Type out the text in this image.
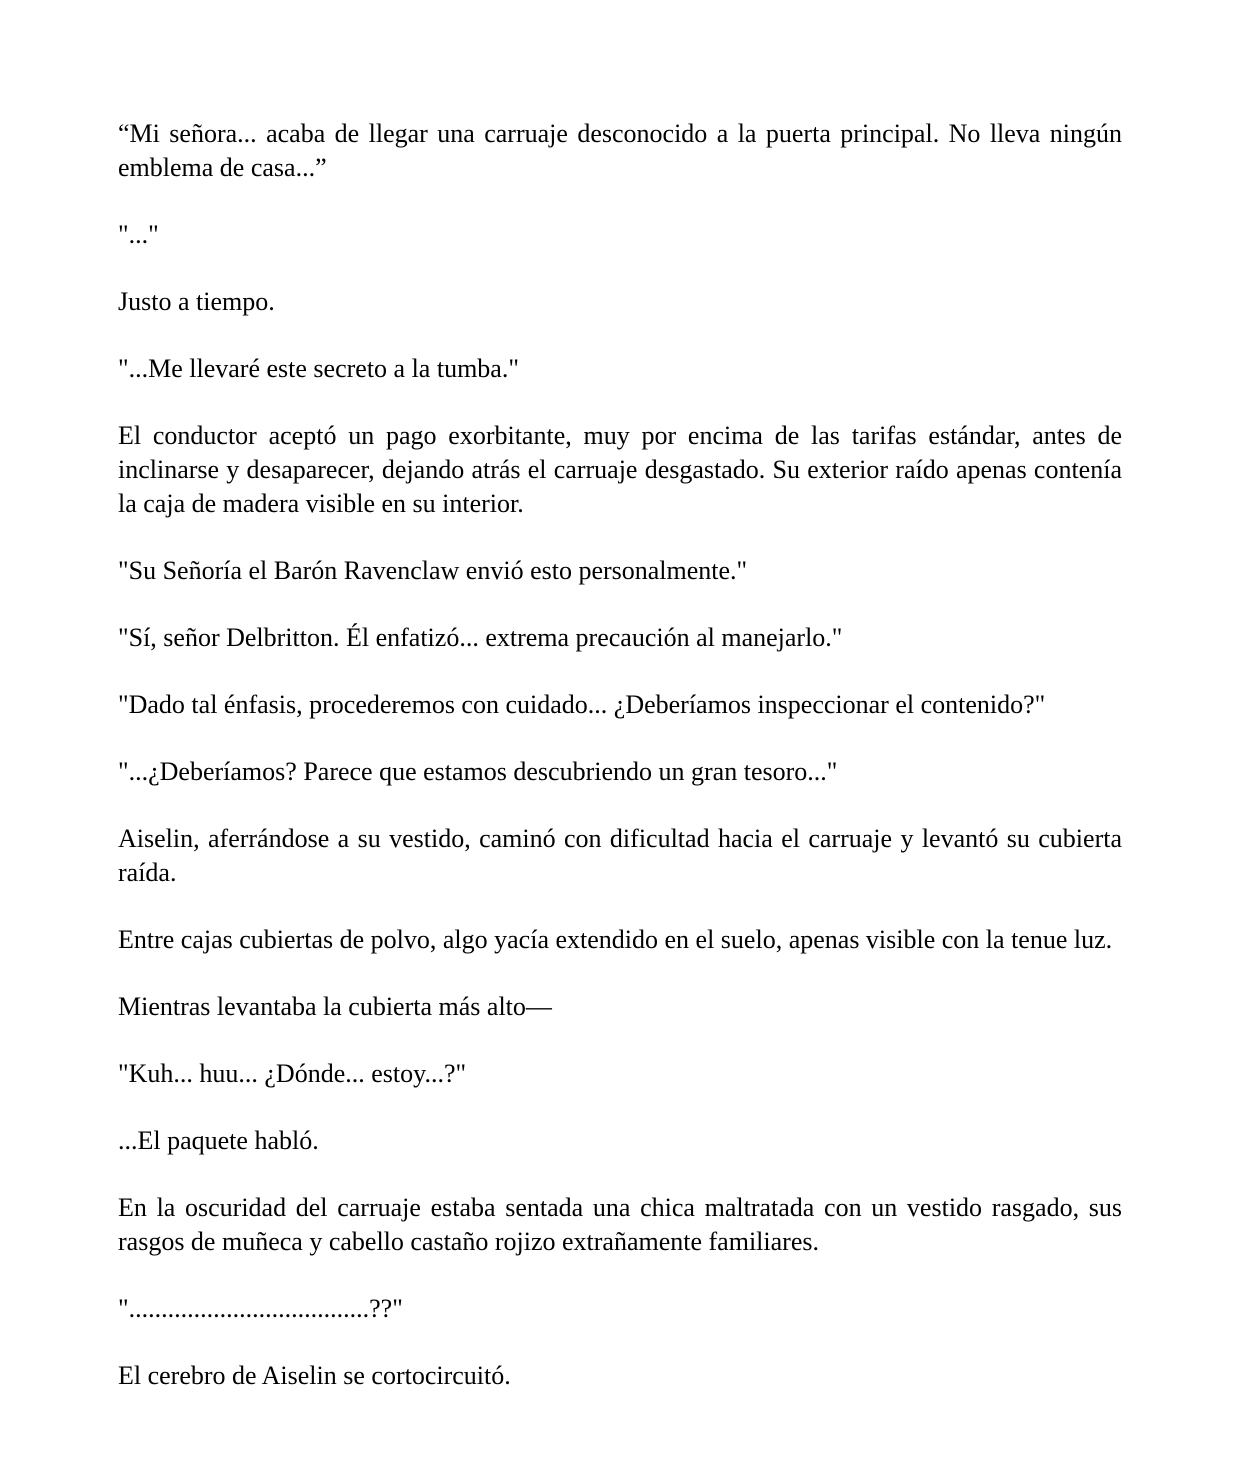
“Mi señora... acaba de llegar una carruaje desconocido a la puerta principal. No lleva ningún emblema de casa...”

"..."

Justo a tiempo.

"...Me llevaré este secreto a la tumba."

El conductor aceptó un pago exorbitante, muy por encima de las tarifas estándar, antes de inclinarse y desaparecer, dejando atrás el carruaje desgastado. Su exterior raído apenas contenía la caja de madera visible en su interior.

"Su Señoría el Barón Ravenclaw envió esto personalmente."

"Sí, señor Delbritton. Él enfatizó... extrema precaución al manejarlo."

"Dado tal énfasis, procederemos con cuidado... ¿Deberíamos inspeccionar el contenido?"

"...¿Deberíamos? Parece que estamos descubriendo un gran tesoro..."

Aiselin, aferrándose a su vestido, caminó con dificultad hacia el carruaje y levantó su cubierta raída.

Entre cajas cubiertas de polvo, algo yacía extendido en el suelo, apenas visible con la tenue luz.

Mientras levantaba la cubierta más alto—

"Kuh... huu... ¿Dónde... estoy...?"

...El paquete habló.

En la oscuridad del carruaje estaba sentada una chica maltratada con un vestido rasgado, sus rasgos de muñeca y cabello castaño rojizo extrañamente familiares.

".....................................??"

El cerebro de Aiselin se cortocircuitó.
